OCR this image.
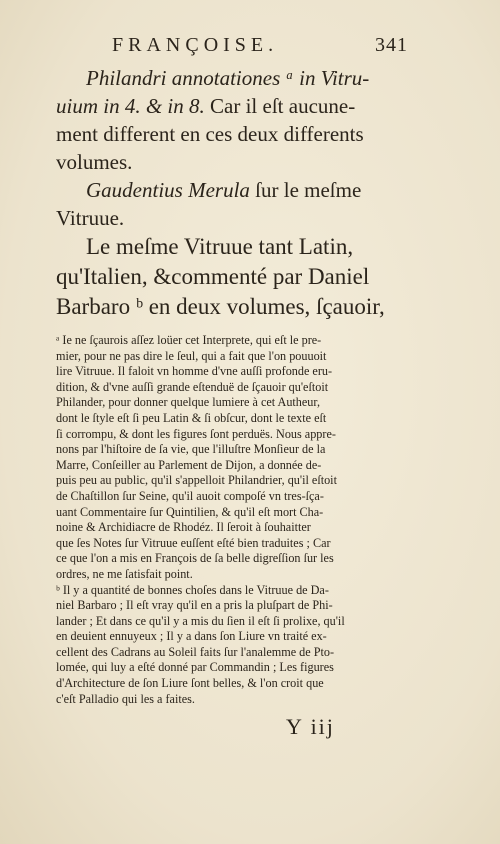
FRANÇOISE.	341
Philandri annotationes ᵃ in Vitru-
uium in 4. & in 8. Car il eſt aucune-
ment different en ces deux differents
volumes.
Gaudentius Merula ſur le meſme
Vitruue.
Le meſme Vitruue tant Latin,
qu'Italien, &commenté par Daniel
Barbaro ᵇ en deux volumes, ſçauoir,

ᵃ Ie ne ſçaurois aſſez loüer cet Interprete, qui eſt le pre-
mier, pour ne pas dire le ſeul, qui a fait que l'on pouuoit
lire Vitruue. Il faloit vn homme d'vne auſſi profonde eru-
dition, & d'vne auſſi grande eſtenduë de ſçauoir qu'eſtoit
Philander, pour donner quelque lumiere à cet Autheur,
dont le ſtyle eſt ſi peu Latin & ſi obſcur, dont le texte eſt
ſi corrompu, & dont les figures ſont perduës. Nous appre-
nons par l'hiſtoire de ſa vie, que l'illuſtre Monſieur de la
Marre, Conſeiller au Parlement de Dijon, a donnée de-
puis peu au public, qu'il s'appelloit Philandrier, qu'il eſtoit
de Chaſtillon ſur Seine, qu'il auoit compoſé vn tres-ſça-
uant Commentaire ſur Quintilien, & qu'il eſt mort Cha-
noine & Archidiacre de Rhodéz. Il ſeroit à ſouhaitter
que ſes Notes ſur Vitruue euſſent eſté bien traduites ; Car
ce que l'on a mis en François de ſa belle digreſſion ſur les
ordres, ne me ſatisfait point.

ᵇ Il y a quantité de bonnes choſes dans le Vitruue de Da-
niel Barbaro ; Il eſt vray qu'il en a pris la pluſpart de Phi-
lander ; Et dans ce qu'il y a mis du ſien il eſt ſi prolixe, qu'il
en deuient ennuyeux ; Il y a dans ſon Liure vn traité ex-
cellent des Cadrans au Soleil faits ſur l'analemme de Pto-
lomée, qui luy a eſté donné par Commandin ; Les figures
d'Architecture de ſon Liure ſont belles, & l'on croit que
c'eſt Palladio qui les a faites.

Y iij
